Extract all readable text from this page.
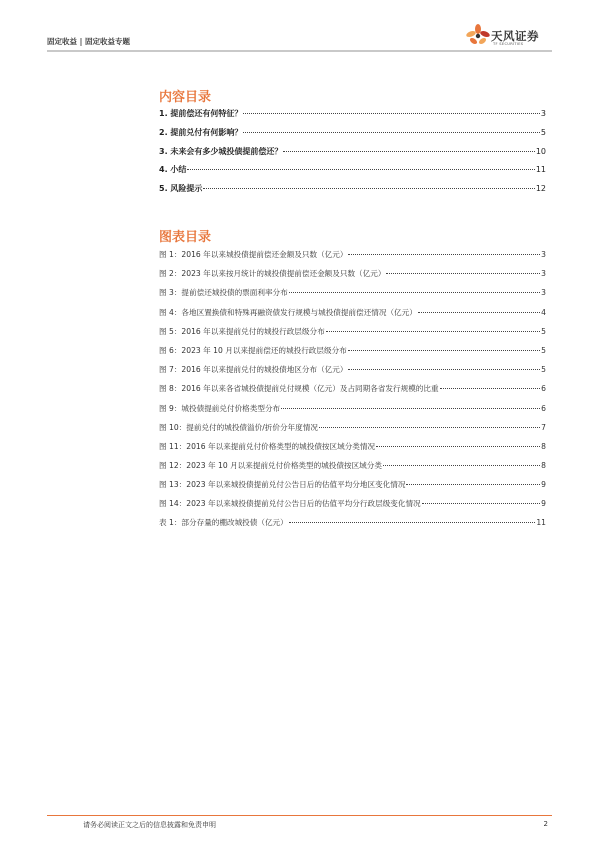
固定收益 | 固定收益专题	天风证券
TF SECURITIES
内容目录
1. 提前偿还有何特征？	3
2. 提前兑付有何影响？	5
3. 未来会有多少城投债提前偿还？	10
4. 小结	11
5. 风险提示	12
图表目录
图 1：2016 年以来城投债提前偿还金额及只数（亿元）	3
图 2：2023 年以来按月统计的城投债提前偿还金额及只数（亿元）	3
图 3：提前偿还城投债的票面利率分布	3
图 4：各地区置换债和特殊再融资债发行规模与城投债提前偿还情况（亿元）	4
图 5：2016 年以来提前兑付的城投行政层级分布	5
图 6：2023 年 10 月以来提前偿还的城投行政层级分布	5
图 7：2016 年以来提前兑付的城投债地区分布（亿元）	5
图 8：2016 年以来各省城投债提前兑付规模（亿元）及占同期各省发行规模的比重	6
图 9：城投债提前兑付价格类型分布	6
图 10：提前兑付的城投债溢价/折价分年度情况	7
图 11：2016 年以来提前兑付价格类型的城投债按区域分类情况	8
图 12：2023 年 10 月以来提前兑付价格类型的城投债按区域分类	8
图 13：2023 年以来城投债提前兑付公告日后的估值平均分地区变化情况	9
图 14：2023 年以来城投债提前兑付公告日后的估值平均分行政层级变化情况	9
表 1：部分存量的棚改城投债（亿元）	11
请务必阅读正文之后的信息披露和免责申明	2
